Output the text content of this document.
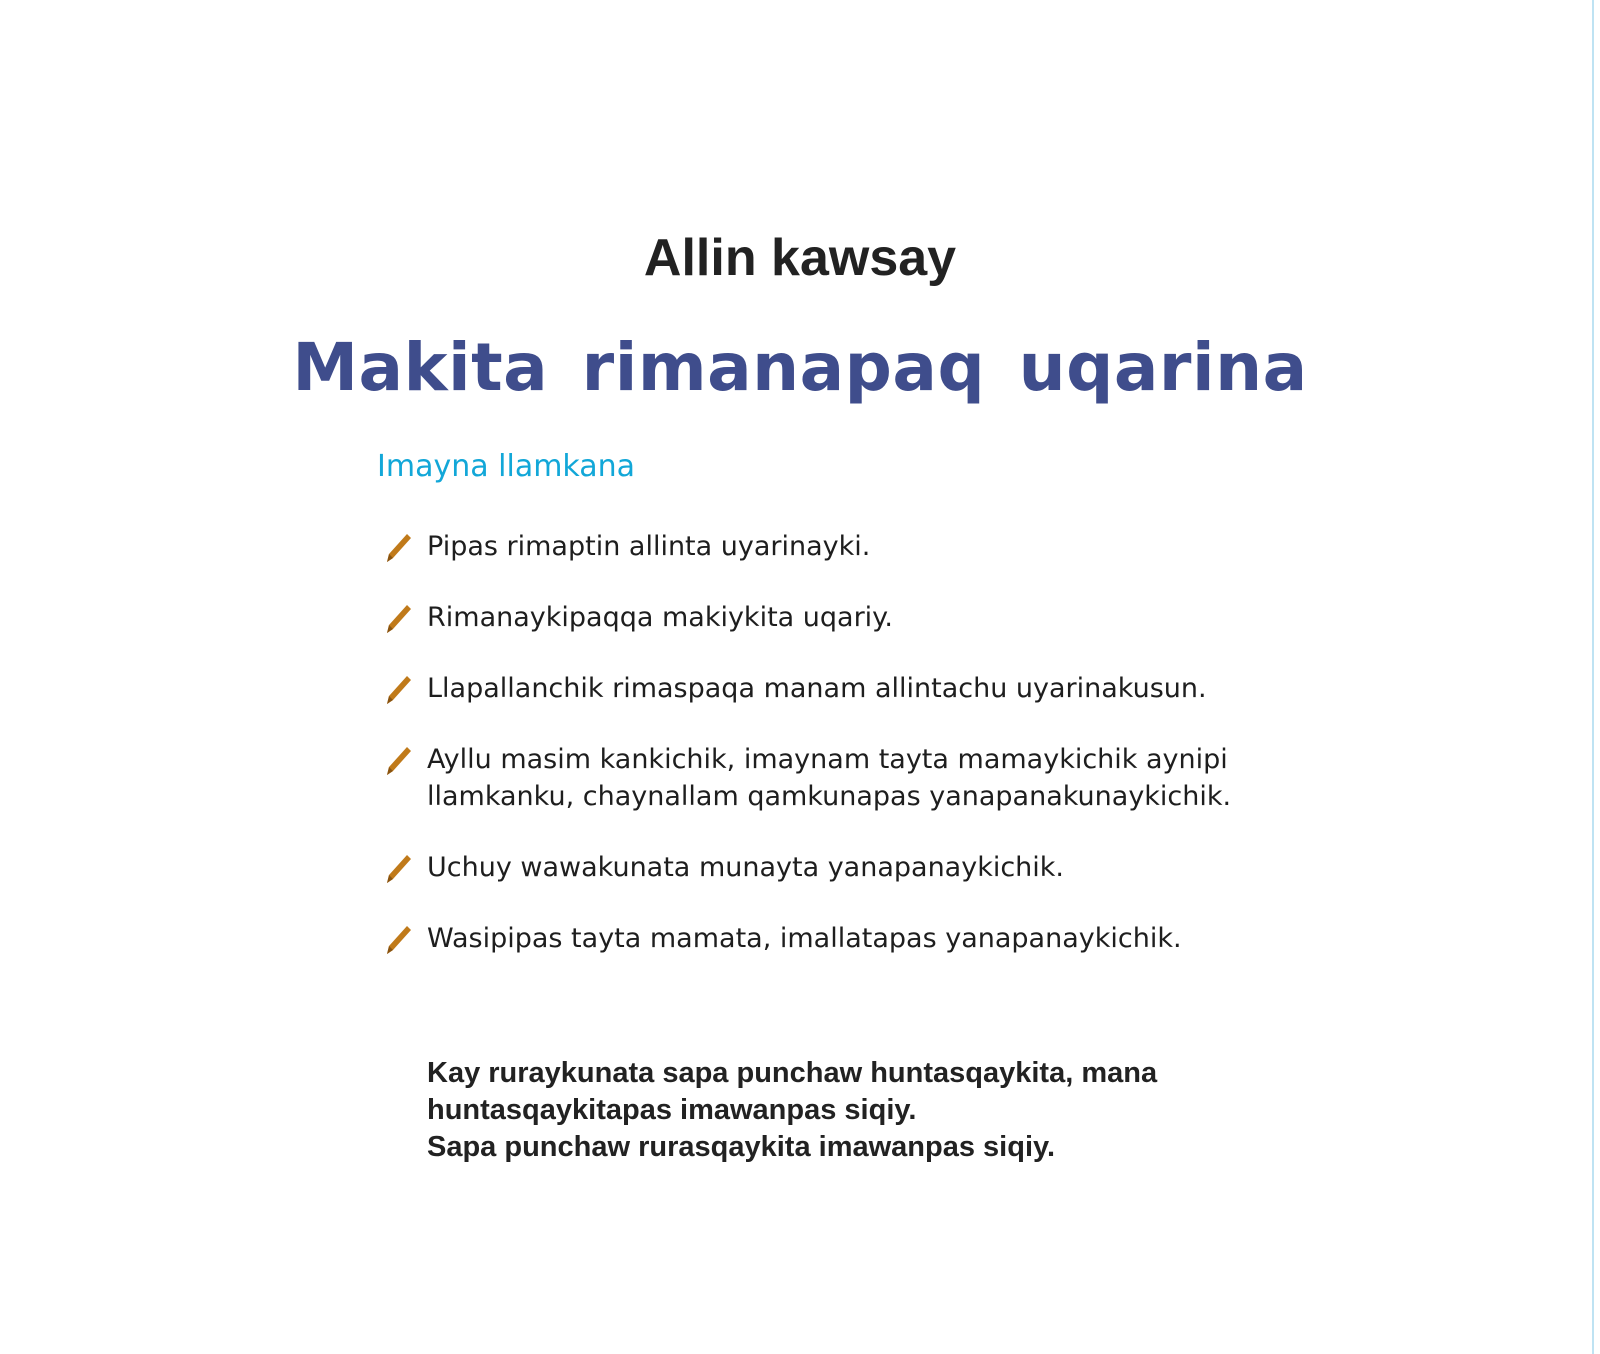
Allin kawsay
Makita rimanapaq uqarina
Imayna llamkana
Pipas rimaptin allinta uyarinayki.
Rimanaykipaqqa makiykita uqariy.
Llapallanchik rimaspaqa manam allintachu uyarinakusun.
Ayllu masim kankichik, imaynam tayta mamaykichik aynipi llamkanku, chaynallam qamkunapas yanapanakunaykichik.
Uchuy wawakunata munayta yanapanaykichik.
Wasipipas tayta mamata, imallatapas yanapanaykichik.

Kay ruraykunata sapa punchaw huntasqaykita, mana huntasqaykitapas imawanpas siqiy.

Sapa punchaw rurasqaykita imawanpas siqiy.
